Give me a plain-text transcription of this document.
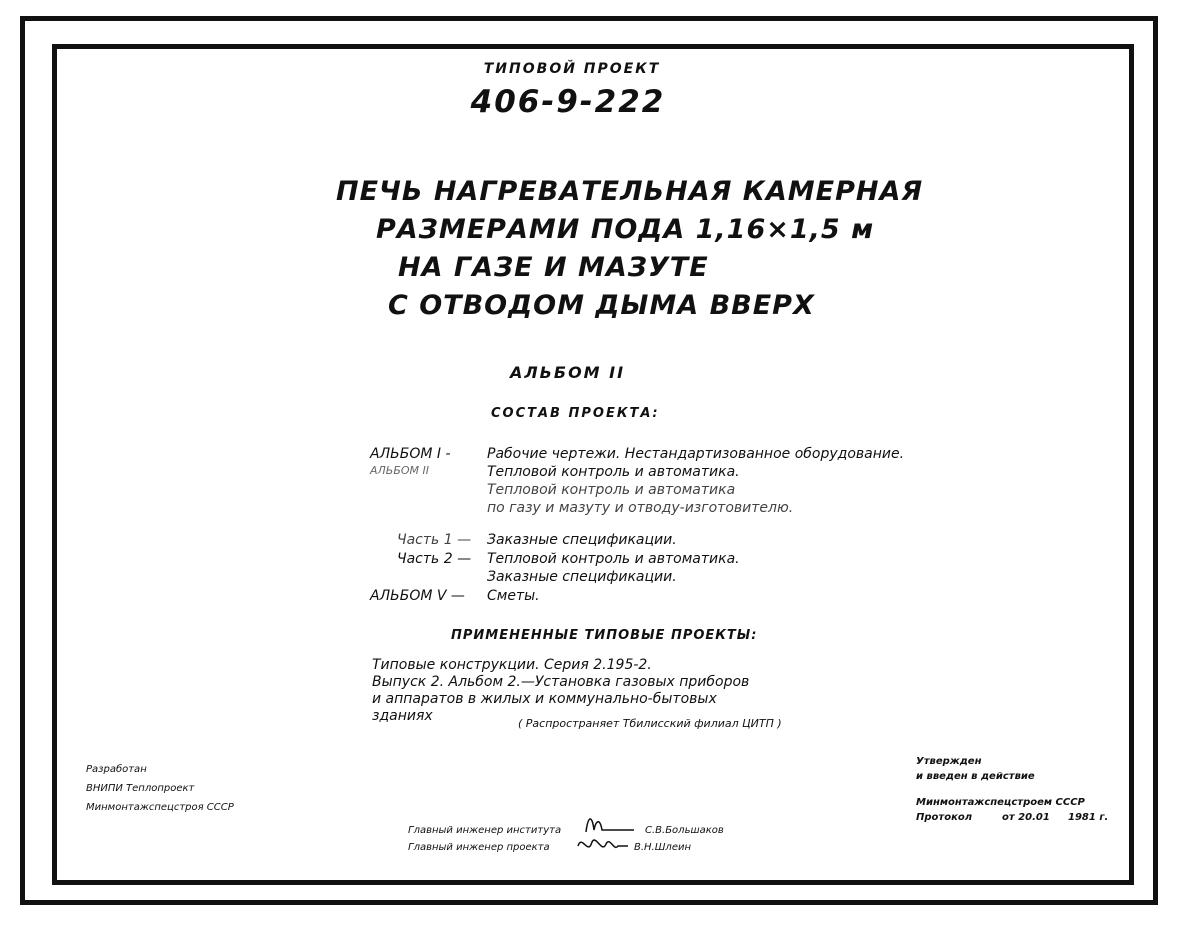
ТИПОВОЙ ПРОЕКТ
406-9-222
ПЕЧЬ НАГРЕВАТЕЛЬНАЯ КАМЕРНАЯ
РАЗМЕРАМИ ПОДА 1,16×1,5 м
НА ГАЗЕ И МАЗУТЕ
С ОТВОДОМ ДЫМА ВВЕРХ
АЛЬБОМ II
СОСТАВ ПРОЕКТА:
АЛЬБОМ I -	Рабочие чертежи. Нестандартизованное оборудование.
АЛЬБОМ II	Тепловой контроль и автоматика.
Тепловой контроль и автоматика
по газу и мазуту и отводу-изготовителю.
Часть 1 — Заказные спецификации.
Часть 2 — Тепловой контроль и автоматика.
Заказные спецификации.
АЛЬБОМ V — Сметы.
ПРИМЕНЕННЫЕ ТИПОВЫЕ ПРОЕКТЫ:
Типовые конструкции. Серия 2.195-2.
Выпуск 2. Альбом 2.—Установка газовых приборов
и аппаратов в жилых и коммунально-бытовых
зданиях	( Распространяет Тбилисский филиал ЦИТП )
Разработан
ВНИПИ Теплопроект
Минмонтажспецстроя СССР
Утвержден
и введен в действие
Минмонтажспецстроем СССР
Протокол	от 20.01 1981 г.
Главный инженер института	С.В.Большаков
Главный инженер проекта	В.Н.Шлеин
